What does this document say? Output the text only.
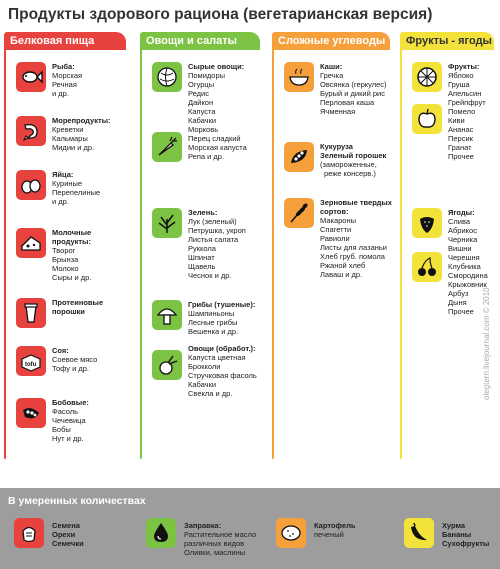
Продукты здорового рациона (вегетарианская версия)
Белковая пища
Рыба:
Морская
Речная
и др.
Морепродукты:
Креветки
Кальмары
Мидии и др.
Яйца:
Куриные
Перепелиные
и др.
Молочные продукты:
Творог
Брынза
Молоко
Сыры и др.
Протеиновые порошки
tofu
Соя:
Соевое мясо
Тофу и др.
Бобовые:
Фасоль
Чечевица
Бобы
Нут и др.
Овощи и салаты
Сырые овощи:
Помидоры
Огурцы
Редис
Дайкон
Капуста
Кабачки
Морковь
Перец сладкий
Морская капуста
Репа и др.
Зелень:
Лук (зеленый)
Петрушка, укроп
Листья салата
Руккола
Шпинат
Щавель
Чеснок и др.
Грибы (тушеные):
Шампиньоны
Лесные грибы
Вешенка и др.
Овощи (обработ.):
Капуста цветная
Брокколи
Стручковая фасоль
Кабачки
Свекла и др.
Сложные углеводы
Каши:
Гречка
Овсянка (геркулес)
Бурый и дикий рис
Перловая каша
Ячменная
Кукуруза
Зеленый горошек
(замороженные,
реже консерв.)
Зерновые твердых сортов:
Макароны
Спагетти
Равиоли
Листы для лазаньи
Хлеб груб. помола
Ржаной хлеб
Лаваш и др.
Фрукты - ягоды
Фрукты:
Яблоко
Груша
Апельсин
Грейпфрут
Помело
Киви
Ананас
Персик
Гранат
Прочее
Ягоды:
Слива
Абрикос
Черника
Вишни
Черешня
Клубника
Смородина
Крыжовник
Арбуз
Дыня
Прочее	olegtern.livejournal.com © 2010
В умеренных количествах
Семена
Орехи
Семечки
Заправка:
Растительное масло
различных видов
Оливки, маслины
Картофель
печеный
Хурма
Бананы
Сухофрукты
